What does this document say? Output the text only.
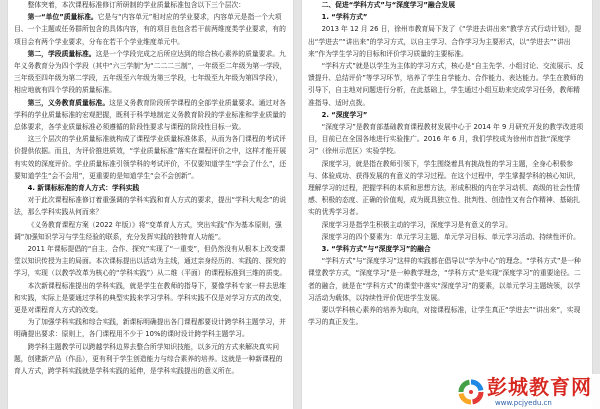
整体突着，本次课程标准修订所研制的学业质量标准包含以下三个层次：

第一“单位”质量标准。它是与“内容单元”相对应的学业要求，内容单元是指一个大项目、一个主题或任务群所包含的具体内容，有的项目也包含若干前两维度类学业要求，有的项目会有两个学业要求，分布在若干个学业维度单元中。

第二，学段质量标准。这是一个学段完成之后所应达到的综合核心素养的质量要求。九年义务教育分为四个学段（其中“六三学制”为“二二二三制”，一年级至二年级为第一学段，三年级至四年级为第二学段，五年级至六年级为第三学段，七年级至九年级为第四学段），相应地就有四个学段的质量标准。

第三，义务教育质量标准。这是义务教育阶段所学课程的全部学业质量要求。通过对各学科的学业质量标准的宏观把握，既利于科学地制定义务教育阶段的学业标准和学业质量的总体要求，各学业质量标准必须遵循的阶段性要求与课程的阶段性目标一致。

这三个层次的学业质量标准就构成了课程学业质量标准体系，从而为各门课程的考试评价提供依据。而且，为评价推进质效，“学业质量标准”落实在课程评价之中，这样才能开展有实效的深度评价。学业质量标准引领学科的考试评价，不仅要知道学生“学会了什么”，还要知道学生“会不会用”，更重要的是知道学生“会不会创新”。

4. 新课标标准的育人方式：学科实践

对于此次课程标准修订着重强调的学科实践和育人方式的要求，提出“学科大观念”的说法，那么学科实践从何而来？

《义务教育课程方案（2022 年版）》将“变革育人方式，突出实践”作为基本原则，强调“加强知识学习与学生经验的联系，充分发挥实践的独特育人功能”。

2011 年课标提倡的“自主、合作、探究”实现了“一重变”，但仍然没有从根本上改变课堂以知识传授为主的局面。本次课标提出以活动为主线，通过亲身经历的、实践的、探究的学习，实现（以教学改革为核心的“学科实践”）从二维（平面）的课程标准到三维的质变。

本次新课程标准提出的学科实践，就是学生在教师的指导下，要像学科专家一样去思维和实践，实际上是要通过学科的典型实践来学习学科。学科实践不仅是对学习方式的改变，更是对课程育人方式的改变。

为了加强学科实践和综合实践，新课标明确提出各门课程都要设计跨学科主题学习，并明确提出要求：原则上，各门课程用不少于 10%的课时设计跨学科主题学习。

跨学科主题教学可以跨越学科边界去整合所学知识技能，以多元的方式来解决真实问题，创建新产品（作品），更有利于学生创造能力与综合素养的培养。这就是一种新课程的育人方式，跨学科实践就是学科实践的延伸，是学科实践提出的意义所在。

二、促进“学科方式”与“深度学习”融合发展

1. “学科方式”

2013 年 12 月 26 日，徐州市教育局下发了《“学进去讲出来”教学方式行动计划》，提出“学进去”“讲出来”的学习方式，以自主学习、合作学习为主要形式，以“学进去”“讲出来”作为学生学习的目标和评价学习质量的主要标准。

“学科方式”就是以学生为主体的学习方式，核心是“自主先学、小组讨论、交流展示、反馈提升、总结评价”等学习环节，培养了学生自学能力、合作能力、表达能力。学生在教师的引导下，自主地对问题进行分析，在此基础上，学生通过小组互助来完成学习任务，教师精准指导、适时点拨。

2. “深度学习”

“深度学习”是教育部基础教育课程教材发展中心于 2014 年 9 月研究开发的教学改进项目，目前已在全国各地进行实验推广。2016 年 6 月，我们学校成为徐州市首批“深度学习”（徐州示范区）实验学校。

深度学习，就是指在教师引领下，学生围绕着具有挑战性的学习主题，全身心积极参与、体验成功、获得发展的有意义的学习过程。在这个过程中，学生掌握学科的核心知识，理解学习的过程，把握学科的本质和思想方法，形成积极的内在学习动机、高级的社会性情感、积极的态度、正确的价值观，成为既具独立性、批判性、创造性又有合作精神、基础扎实的优秀学习者。

深度学习是指学生积极主动的学习，深度学习是有意义的学习。

深度学习的四个要素为：单元学习主题、单元学习目标、单元学习活动、持续性评价。

3. “学科方式”与“深度学习”的融合

“学科方式”与“深度学习”这样的实践都在倡导以“学为中心”的理念。“学科方式”是一种课堂教学方式，“深度学习”是一种教学理念，“学科方式”是实现“深度学习”的重要途径。二者的融合，就是在“学科方式”的课堂中落实“深度学习”的要素，以单元学习主题统领，以学习活动为载体，以持续性评价促进学生发展。

要以学科核心素养的培养为取向，对接课程标准，让学生真正“学进去”“讲出来”，实现学习的真正发生。

彭城教育网
www.pcjyedu.cn
